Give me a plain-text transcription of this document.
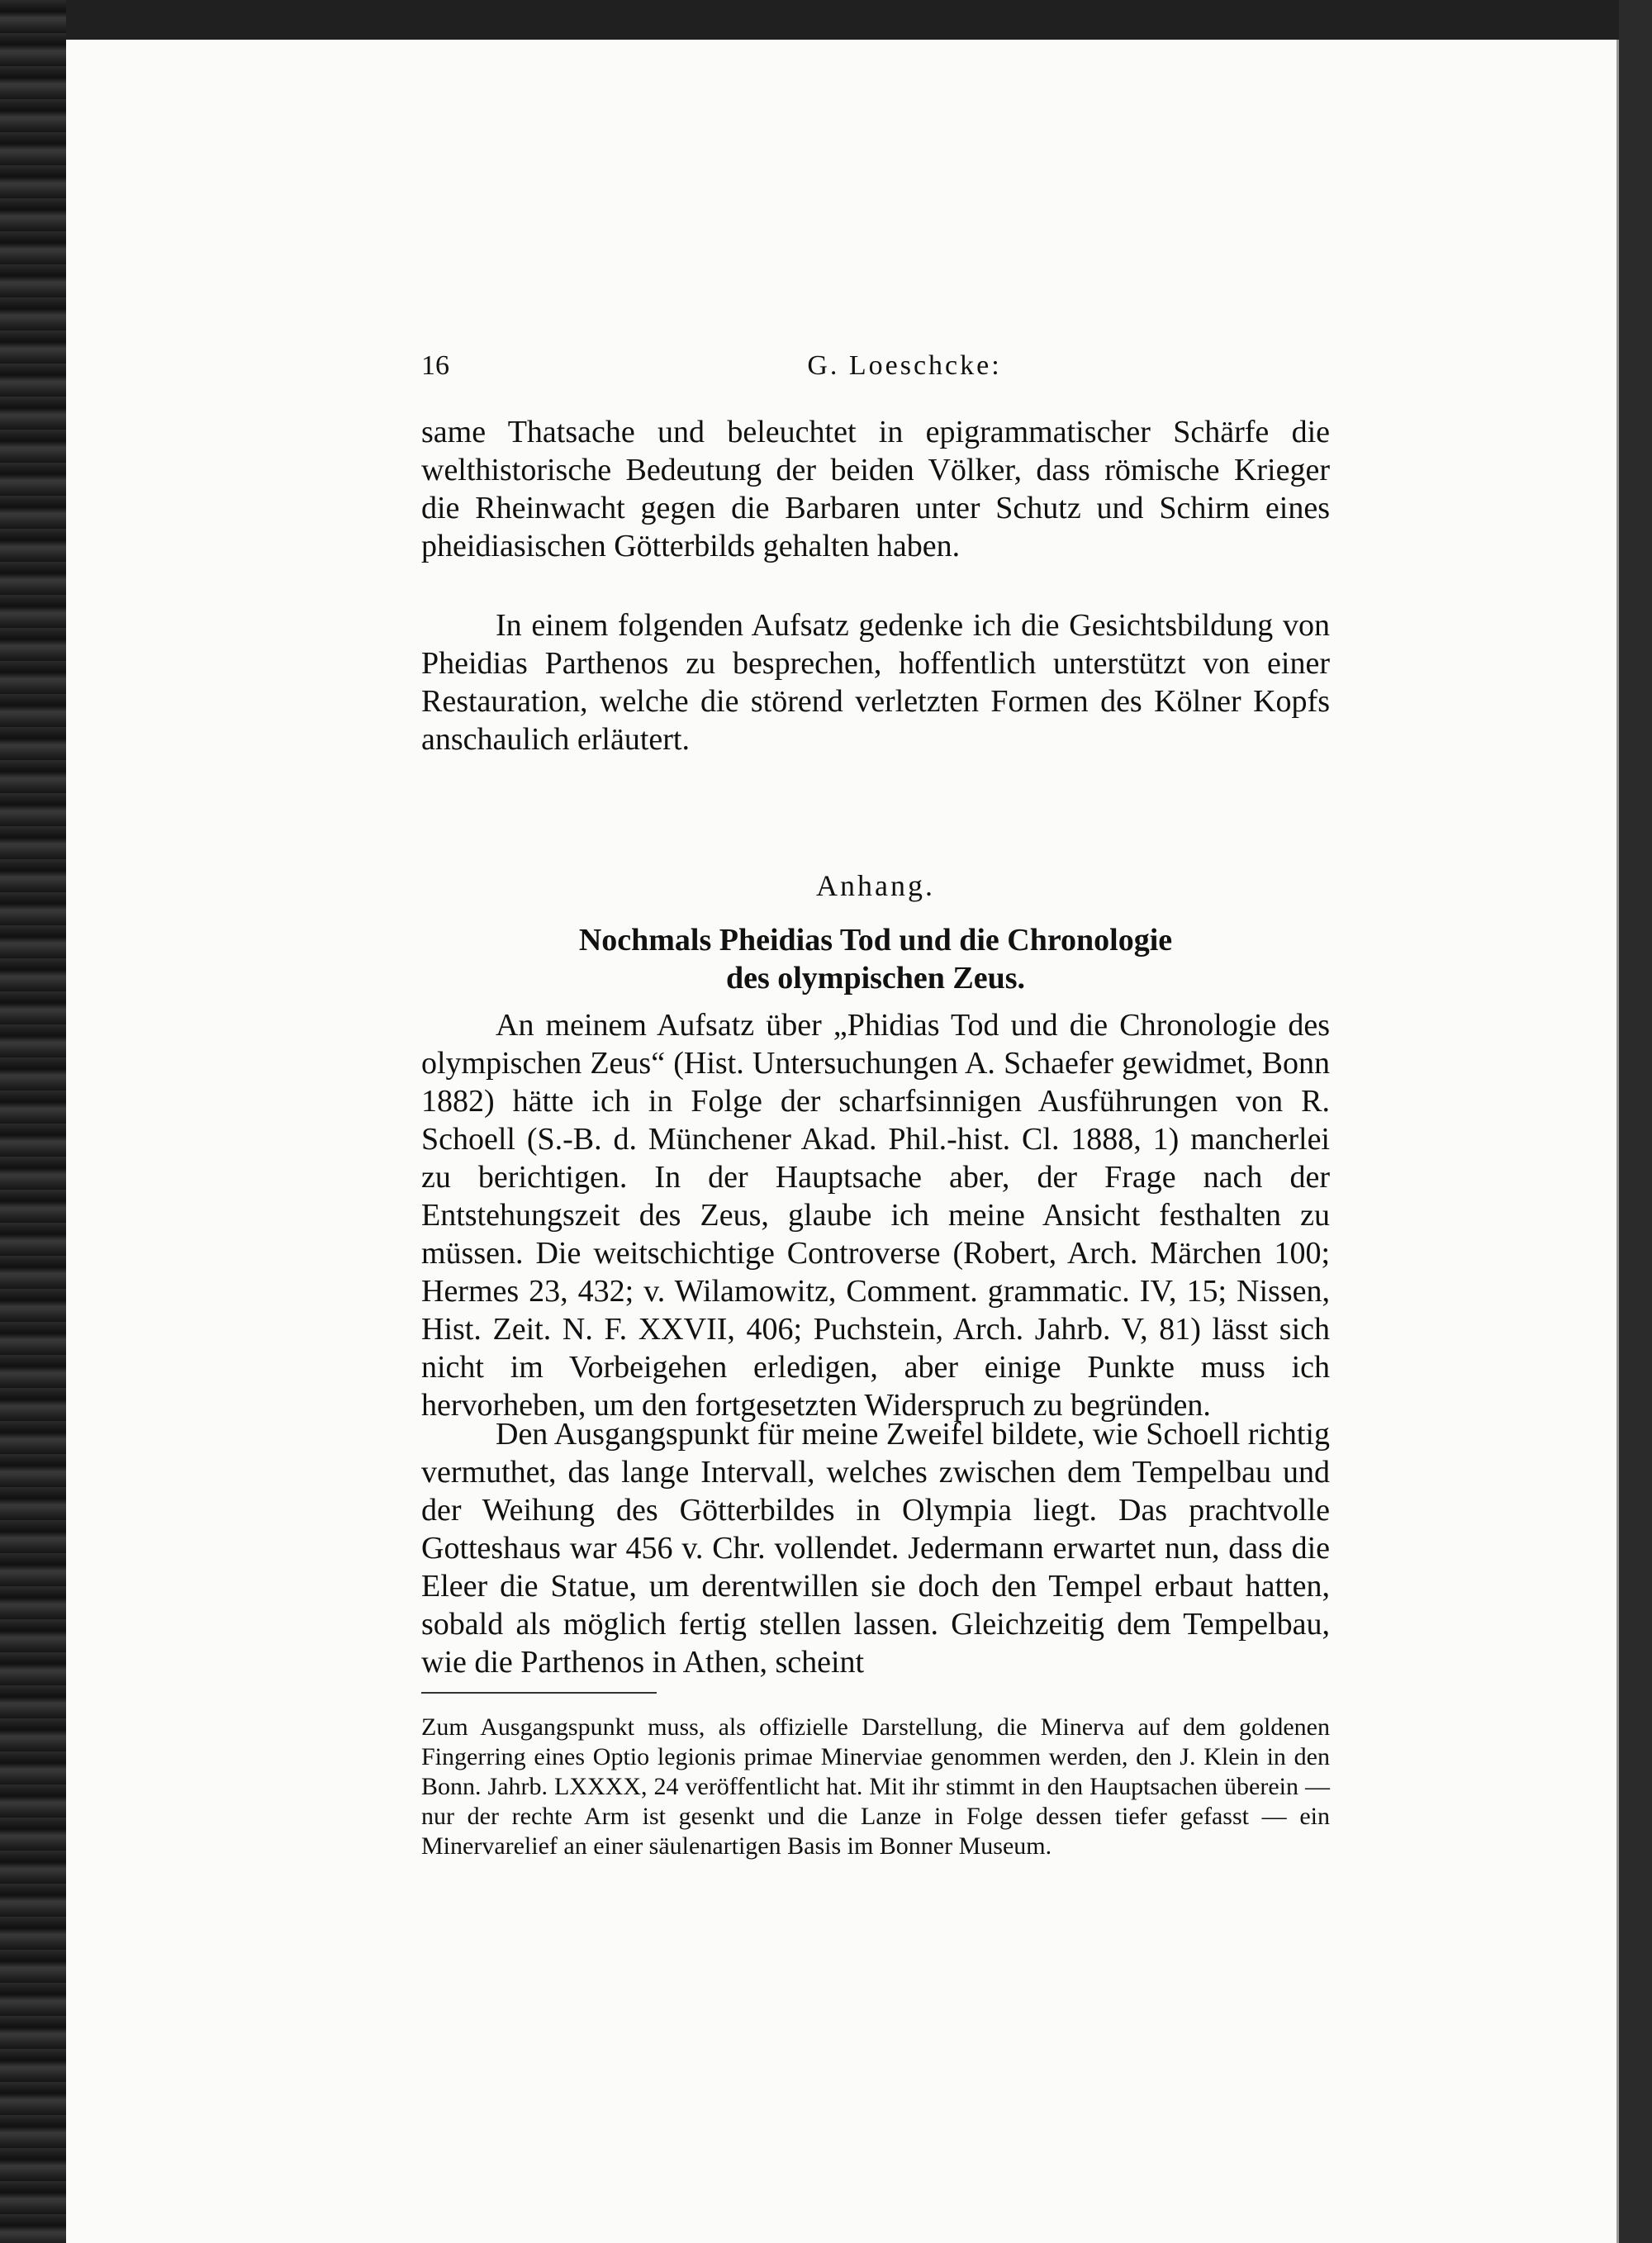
16	G. Loeschcke:

same Thatsache und beleuchtet in epigrammatischer Schärfe die welthistorische Bedeutung der beiden Völker, dass römische Krieger die Rheinwacht gegen die Barbaren unter Schutz und Schirm eines pheidiasischen Götterbilds gehalten haben.

In einem folgenden Aufsatz gedenke ich die Gesichtsbildung von Pheidias Parthenos zu besprechen, hoffentlich unterstützt von einer Restauration, welche die störend verletzten Formen des Kölner Kopfs anschaulich erläutert.

Anhang.
Nochmals Pheidias Tod und die Chronologie
des olympischen Zeus.

An meinem Aufsatz über „Phidias Tod und die Chronologie des olympischen Zeus“ (Hist. Untersuchungen A. Schaefer gewidmet, Bonn 1882) hätte ich in Folge der scharfsinnigen Ausführungen von R. Schoell (S.-B. d. Münchener Akad. Phil.-hist. Cl. 1888, 1) mancherlei zu berichtigen. In der Hauptsache aber, der Frage nach der Entstehungszeit des Zeus, glaube ich meine Ansicht festhalten zu müssen. Die weitschichtige Controverse (Robert, Arch. Märchen 100; Hermes 23, 432; v. Wilamowitz, Comment. grammatic. IV, 15; Nissen, Hist. Zeit. N. F. XXVII, 406; Puchstein, Arch. Jahrb. V, 81) lässt sich nicht im Vorbeigehen erledigen, aber einige Punkte muss ich hervorheben, um den fortgesetzten Widerspruch zu begründen.

Den Ausgangspunkt für meine Zweifel bildete, wie Schoell richtig vermuthet, das lange Intervall, welches zwischen dem Tempelbau und der Weihung des Götterbildes in Olympia liegt. Das prachtvolle Gotteshaus war 456 v. Chr. vollendet. Jedermann erwartet nun, dass die Eleer die Statue, um derentwillen sie doch den Tempel erbaut hatten, sobald als möglich fertig stellen lassen. Gleichzeitig dem Tempelbau, wie die Parthenos in Athen, scheint

Zum Ausgangspunkt muss, als offizielle Darstellung, die Minerva auf dem goldenen Fingerring eines Optio legionis primae Minerviae genommen werden, den J. Klein in den Bonn. Jahrb. LXXXX, 24 veröffentlicht hat. Mit ihr stimmt in den Hauptsachen überein — nur der rechte Arm ist gesenkt und die Lanze in Folge dessen tiefer gefasst — ein Minervarelief an einer säulenartigen Basis im Bonner Museum.
